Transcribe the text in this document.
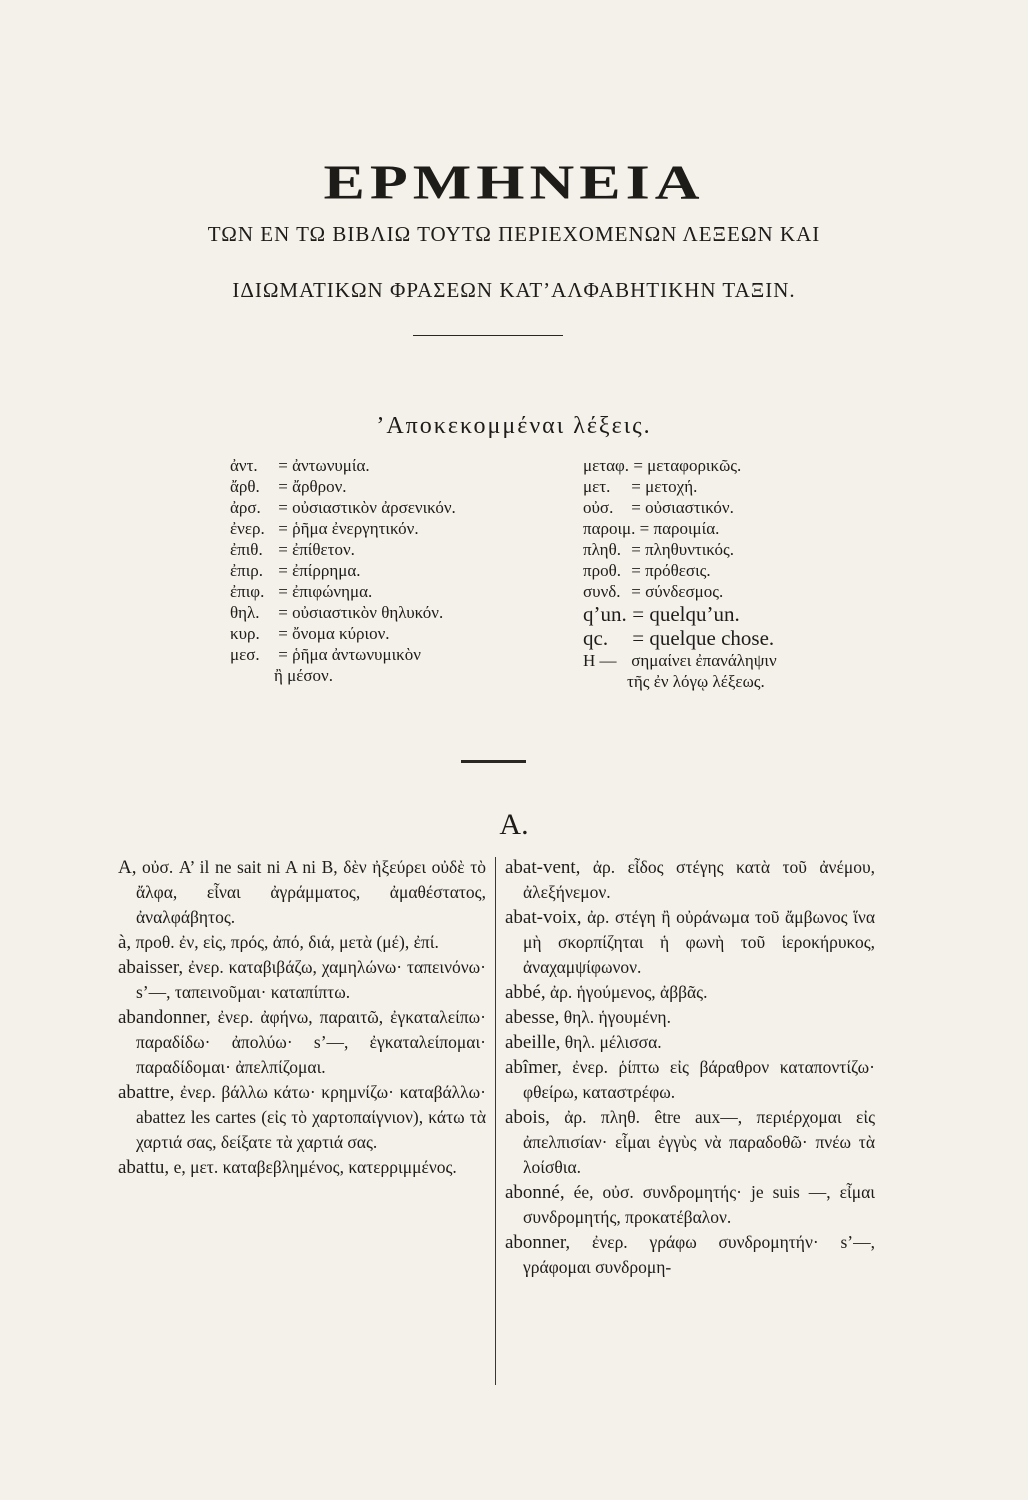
ΕΡΜΗΝΕΙΑ
ΤΩΝ ΕΝ ΤΩ ΒΙΒΛΙΩ ΤΟΥΤΩ ΠΕΡΙΕΧΟΜΕΝΩΝ ΛΕΞΕΩΝ ΚΑΙ
ΙΔΙΩΜΑΤΙΚΩΝ ΦΡΑΣΕΩΝ ΚΑΤ’ΑΛΦΑΒΗΤΙΚΗΝ ΤΑΞΙΝ.
’Αποκεκομμέναι λέξεις.
ἀντ. = ἀντωνυμία.
ἄρθ. = ἄρθρον.
ἀρσ. = οὐσιαστικὸν ἀρσενικόν.
ἐνερ. = ῥῆμα ἐνεργητικόν.
ἐπιθ. = ἐπίθετον.
ἐπιρ. = ἐπίρρημα.
ἐπιφ. = ἐπιφώνημα.
θηλ. = οὐσιαστικὸν θηλυκόν.
κυρ. = ὄνομα κύριον.
μεσ. = ῥῆμα ἀντωνυμικὸν
ἢ μέσον.
μεταφ. = μεταφορικῶς.
μετ. = μετοχή.
οὐσ. = οὐσιαστικόν.
παροιμ. = παροιμία.
πληθ. = πληθυντικός.
προθ. = πρόθεσις.
συνδ. = σύνδεσμος.
q’un. = quelqu’un.
qc. = quelque chose.
Η — σημαίνει ἐπανάληψιν
τῆς ἐν λόγῳ λέξεως.
Α.

A, οὐσ. A’ il ne sait ni A ni B, δὲν ἠξεύρει οὐδὲ τὸ ἄλφα, εἶναι ἀγράμματος, ἀμαθέστατος, ἀναλφάβητος.

à, προθ. ἐν, εἰς, πρός, ἀπό, διά, μετὰ (μέ), ἐπί.

abaisser, ἐνερ. καταβιβάζω, χαμηλώνω· ταπεινόνω· s’—, ταπεινοῦμαι· καταπίπτω.

abandonner, ἐνερ. ἀφήνω, παραιτῶ, ἐγκαταλείπω· παραδίδω· ἀπολύω· s’—, ἐγκαταλείπομαι· παραδίδομαι· ἀπελπίζομαι.

abattre, ἐνερ. βάλλω κάτω· κρημνίζω· καταβάλλω· abattez les cartes (εἰς τὸ χαρτοπαίγνιον), κάτω τὰ χαρτιά σας, δείξατε τὰ χαρτιά σας.

abattu, e, μετ. καταβεβλημένος, κατερριμμένος.

abat-vent, ἀρ. εἶδος στέγης κατὰ τοῦ ἀνέμου, ἀλεξήνεμον.

abat-voix, ἀρ. στέγη ἢ οὐράνωμα τοῦ ἄμβωνος ἵνα μὴ σκορπίζηται ἡ φωνὴ τοῦ ἱεροκήρυκος, ἀναχαμψίφωνον.

abbé, ἀρ. ἡγούμενος, ἀββᾶς.

abesse, θηλ. ἡγουμένη.

abeille, θηλ. μέλισσα.

abîmer, ἐνερ. ῥίπτω εἰς βάραθρον καταποντίζω· φθείρω, καταστρέφω.

abois, ἀρ. πληθ. être aux—, περιέρχομαι εἰς ἀπελπισίαν· εἶμαι ἐγγὺς νὰ παραδοθῶ· πνέω τὰ λοίσθια.

abonné, ée, οὐσ. συνδρομητής· je suis —, εἶμαι συνδρομητής, προκατέβαλον.

abonner, ἐνερ. γράφω συνδρομητήν· s’—, γράφομαι συνδρομη-
